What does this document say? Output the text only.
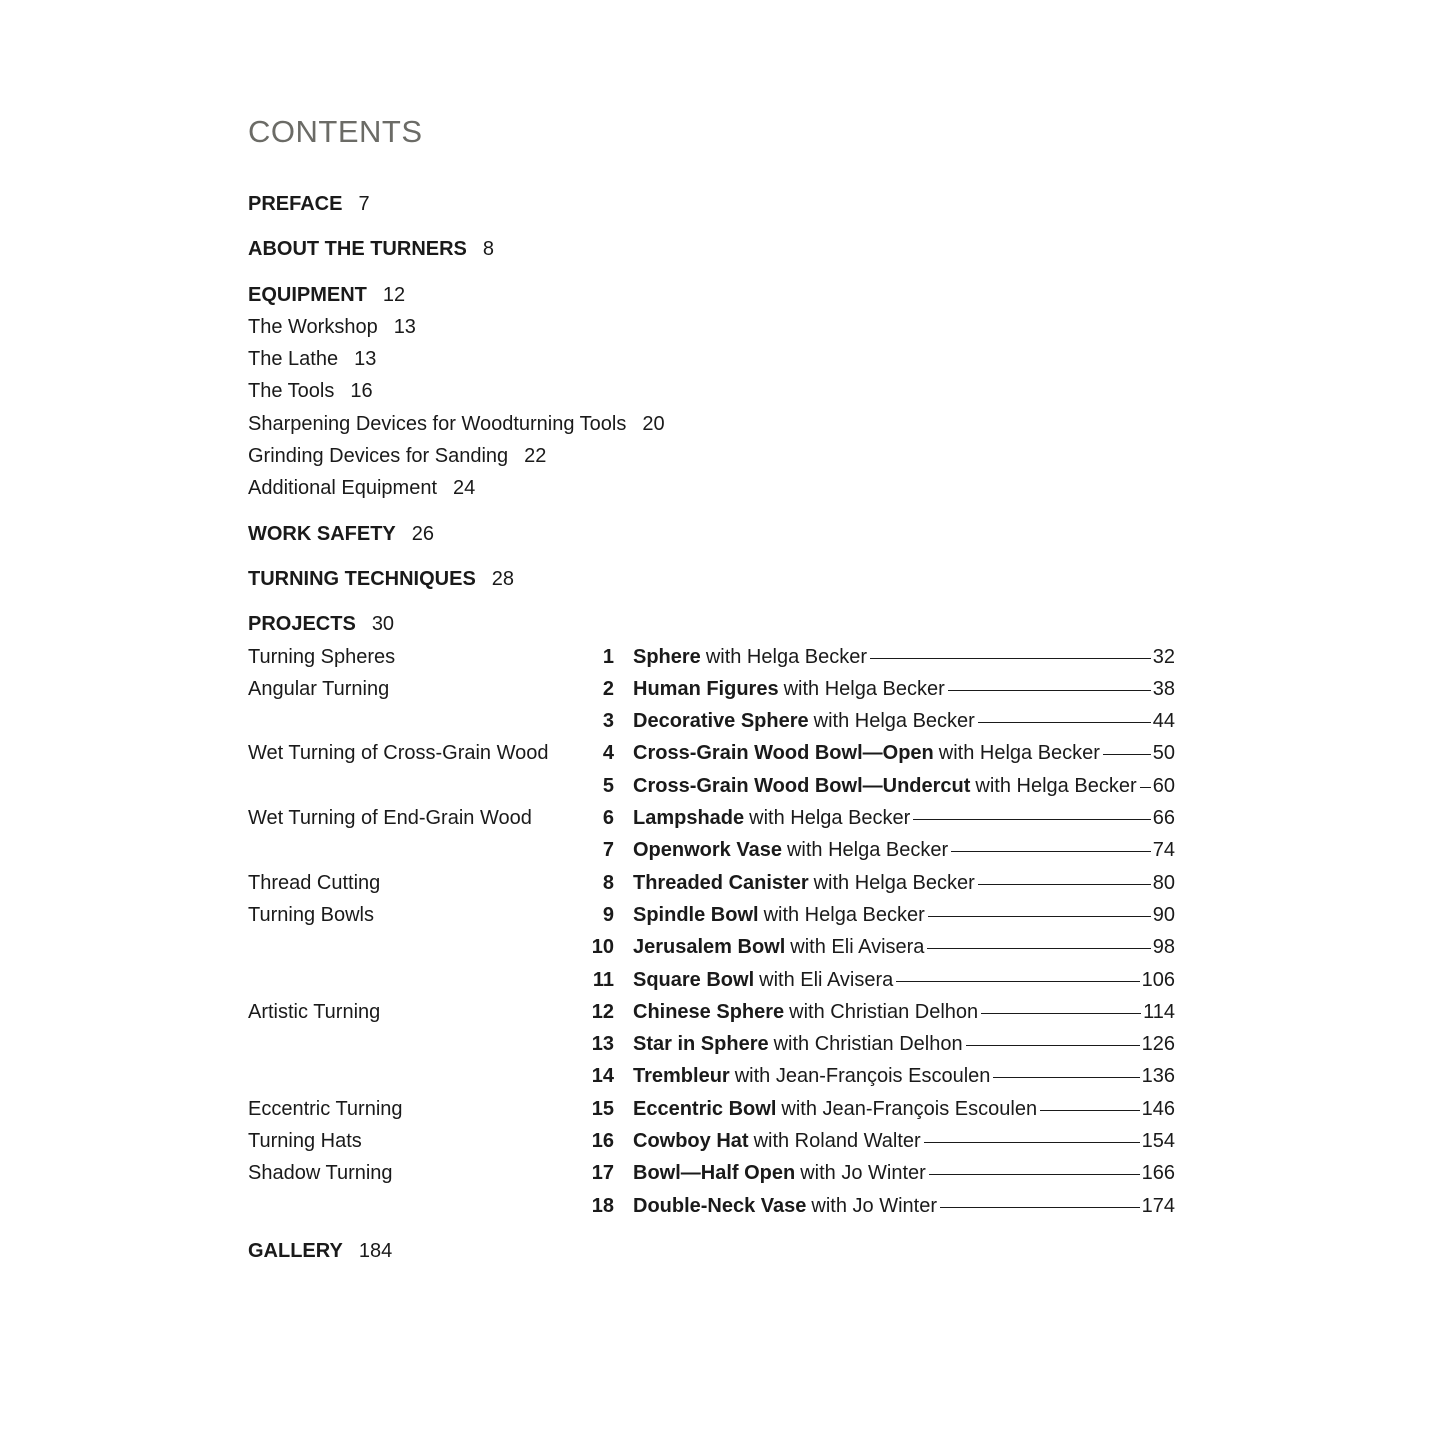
CONTENTS
PREFACE 7
ABOUT THE TURNERS 8
EQUIPMENT 12
The Workshop 13
The Lathe 13
The Tools 16
Sharpening Devices for Woodturning Tools 20
Grinding Devices for Sanding 22
Additional Equipment 24
WORK SAFETY 26
TURNING TECHNIQUES 28
PROJECTS 30
Turning Spheres	1 Sphere with Helga Becker	32
Angular Turning	2 Human Figures with Helga Becker	38
3 Decorative Sphere with Helga Becker	44
Wet Turning of Cross-Grain Wood	4 Cross-Grain Wood Bowl—Open with Helga Becker	50
5 Cross-Grain Wood Bowl—Undercut with Helga Becker 60
Wet Turning of End-Grain Wood	6 Lampshade with Helga Becker	66
7 Openwork Vase with Helga Becker	74
Thread Cutting	8 Threaded Canister with Helga Becker	80
Turning Bowls	9 Spindle Bowl with Helga Becker	90
10 Jerusalem Bowl with Eli Avisera	98
11 Square Bowl with Eli Avisera	106
Artistic Turning	12 Chinese Sphere with Christian Delhon	114
13 Star in Sphere with Christian Delhon	126
14 Trembleur with Jean-François Escoulen	136
Eccentric Turning	15 Eccentric Bowl with Jean-François Escoulen	146
Turning Hats	16 Cowboy Hat with Roland Walter	154
Shadow Turning	17 Bowl—Half Open with Jo Winter	166
18 Double-Neck Vase with Jo Winter	174
GALLERY 184
